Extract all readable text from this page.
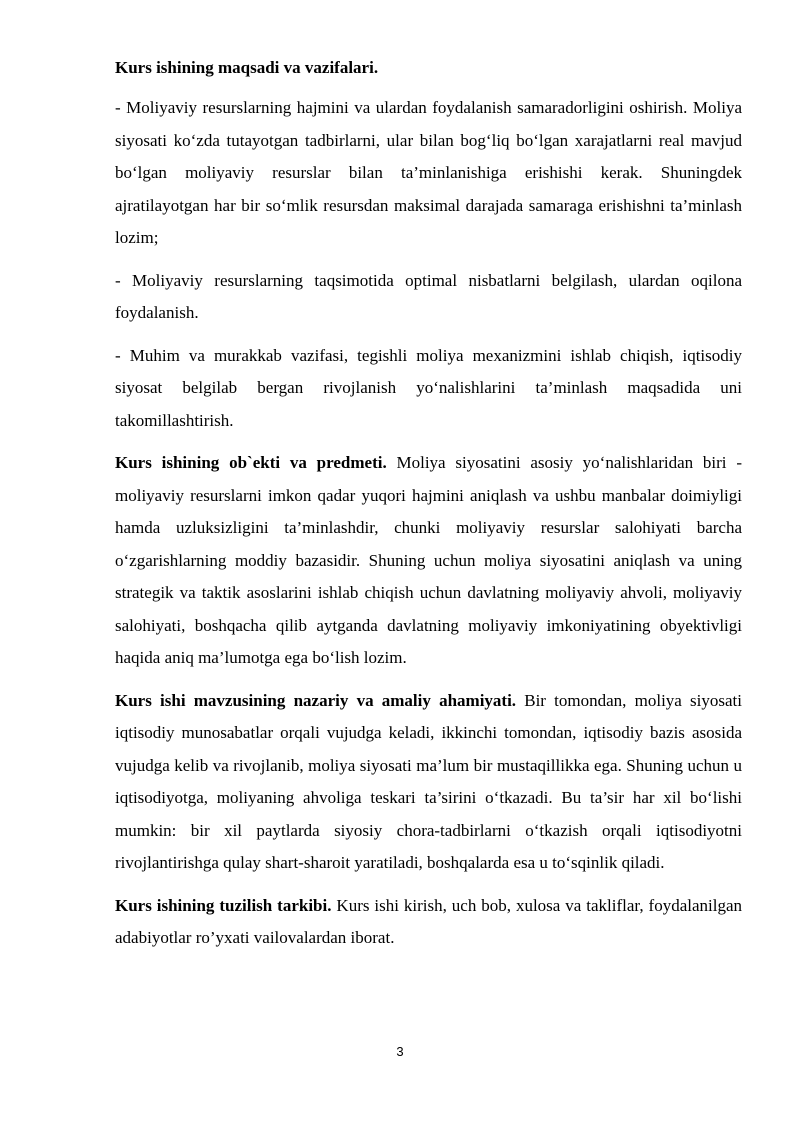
Kurs ishining maqsadi va vazifalari.

- Moliyaviy resurslarning hajmini va ulardan foydalanish samaradorligini oshirish. Moliya siyosati ko‘zda tutayotgan tadbirlarni, ular bilan bog‘liq bo‘lgan xarajatlarni real mavjud bo‘lgan moliyaviy resurslar bilan ta’minlanishiga erishishi kerak. Shuningdek ajratilayotgan har bir so‘mlik resursdan maksimal darajada samaraga erishishni ta’minlash lozim;

- Moliyaviy resurslarning taqsimotida optimal nisbatlarni belgilash, ulardan oqilona foydalanish.

- Muhim va murakkab vazifasi, tegishli moliya mexanizmini ishlab chiqish, iqtisodiy siyosat belgilab bergan rivojlanish yo‘nalishlarini ta’minlash maqsadida uni takomillashtirish.

Kurs ishining ob`ekti va predmeti. Moliya siyosatini asosiy yo‘nalishlaridan biri - moliyaviy resurslarni imkon qadar yuqori hajmini aniqlash va ushbu manbalar doimiyligi hamda uzluksizligini ta’minlashdir, chunki moliyaviy resurslar salohiyati barcha o‘zgarishlarning moddiy bazasidir. Shuning uchun moliya siyosatini aniqlash va uning strategik va taktik asoslarini ishlab chiqish uchun davlatning moliyaviy ahvoli, moliyaviy salohiyati, boshqacha qilib aytganda davlatning moliyaviy imkoniyatining obyektivligi haqida aniq ma’lumotga ega bo‘lish lozim.

Kurs ishi mavzusining nazariy va amaliy ahamiyati. Bir tomondan, moliya siyosati iqtisodiy munosabatlar orqali vujudga keladi, ikkinchi tomondan, iqtisodiy bazis asosida vujudga kelib va rivojlanib, moliya siyosati ma’lum bir mustaqillikka ega. Shuning uchun u iqtisodiyotga, moliyaning ahvoliga teskari ta’sirini o‘tkazadi. Bu ta’sir har xil bo‘lishi mumkin: bir xil paytlarda siyosiy chora-tadbirlarni o‘tkazish orqali iqtisodiyotni rivojlantirishga qulay shart-sharoit yaratiladi, boshqalarda esa u to‘sqinlik qiladi.

Kurs ishining tuzilish tarkibi. Kurs ishi kirish, uch bob, xulosa va takliflar, foydalanilgan adabiyotlar ro’yxati vailovalardan iborat.

3
